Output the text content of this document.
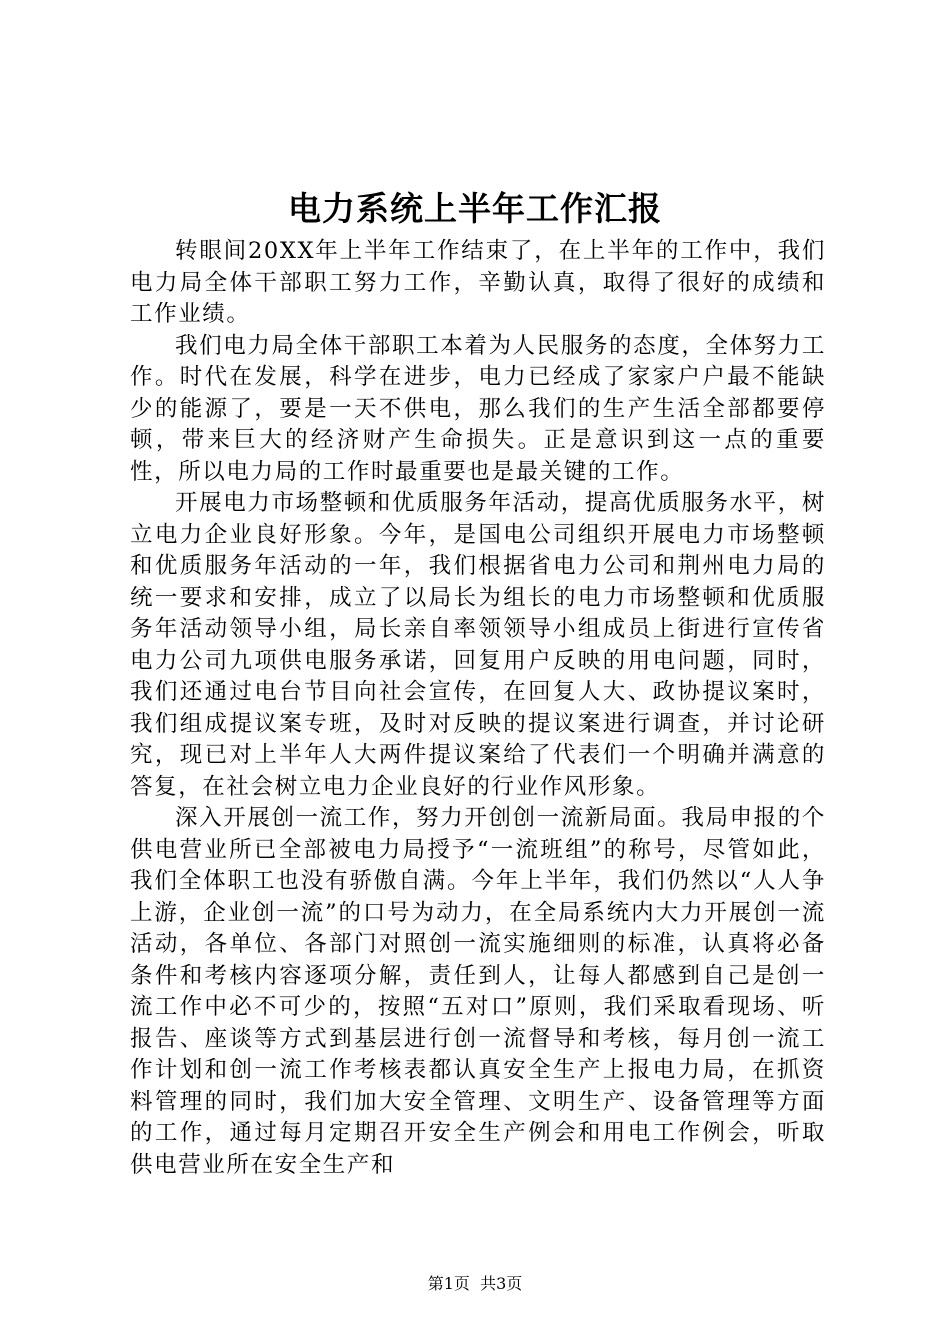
电力系统上半年工作汇报

转眼间20XX年上半年工作结束了，在上半年的工作中，我们电力局全体干部职工努力工作，辛勤认真，取得了很好的成绩和工作业绩。

我们电力局全体干部职工本着为人民服务的态度，全体努力工作。时代在发展，科学在进步，电力已经成了家家户户最不能缺少的能源了，要是一天不供电，那么我们的生产生活全部都要停顿，带来巨大的经济财产生命损失。正是意识到这一点的重要性，所以电力局的工作时最重要也是最关键的工作。

开展电力市场整顿和优质服务年活动，提高优质服务水平，树立电力企业良好形象。今年，是国电公司组织开展电力市场整顿和优质服务年活动的一年，我们根据省电力公司和荆州电力局的统一要求和安排，成立了以局长为组长的电力市场整顿和优质服务年活动领导小组，局长亲自率领领导小组成员上街进行宣传省电力公司九项供电服务承诺，回复用户反映的用电问题，同时，我们还通过电台节目向社会宣传，在回复人大、政协提议案时，我们组成提议案专班，及时对反映的提议案进行调查，并讨论研究，现已对上半年人大两件提议案给了代表们一个明确并满意的答复，在社会树立电力企业良好的行业作风形象。

深入开展创一流工作，努力开创创一流新局面。我局申报的个供电营业所已全部被电力局授予“一流班组”的称号，尽管如此，我们全体职工也没有骄傲自满。今年上半年，我们仍然以“人人争上游，企业创一流”的口号为动力，在全局系统内大力开展创一流活动，各单位、各部门对照创一流实施细则的标准，认真将必备条件和考核内容逐项分解，责任到人，让每人都感到自己是创一流工作中必不可少的，按照“五对口”原则，我们采取看现场、听报告、座谈等方式到基层进行创一流督导和考核，每月创一流工作计划和创一流工作考核表都认真安全生产上报电力局，在抓资料管理的同时，我们加大安全管理、文明生产、设备管理等方面的工作，通过每月定期召开安全生产例会和用电工作例会，听取供电营业所在安全生产和

第1页 共3页
